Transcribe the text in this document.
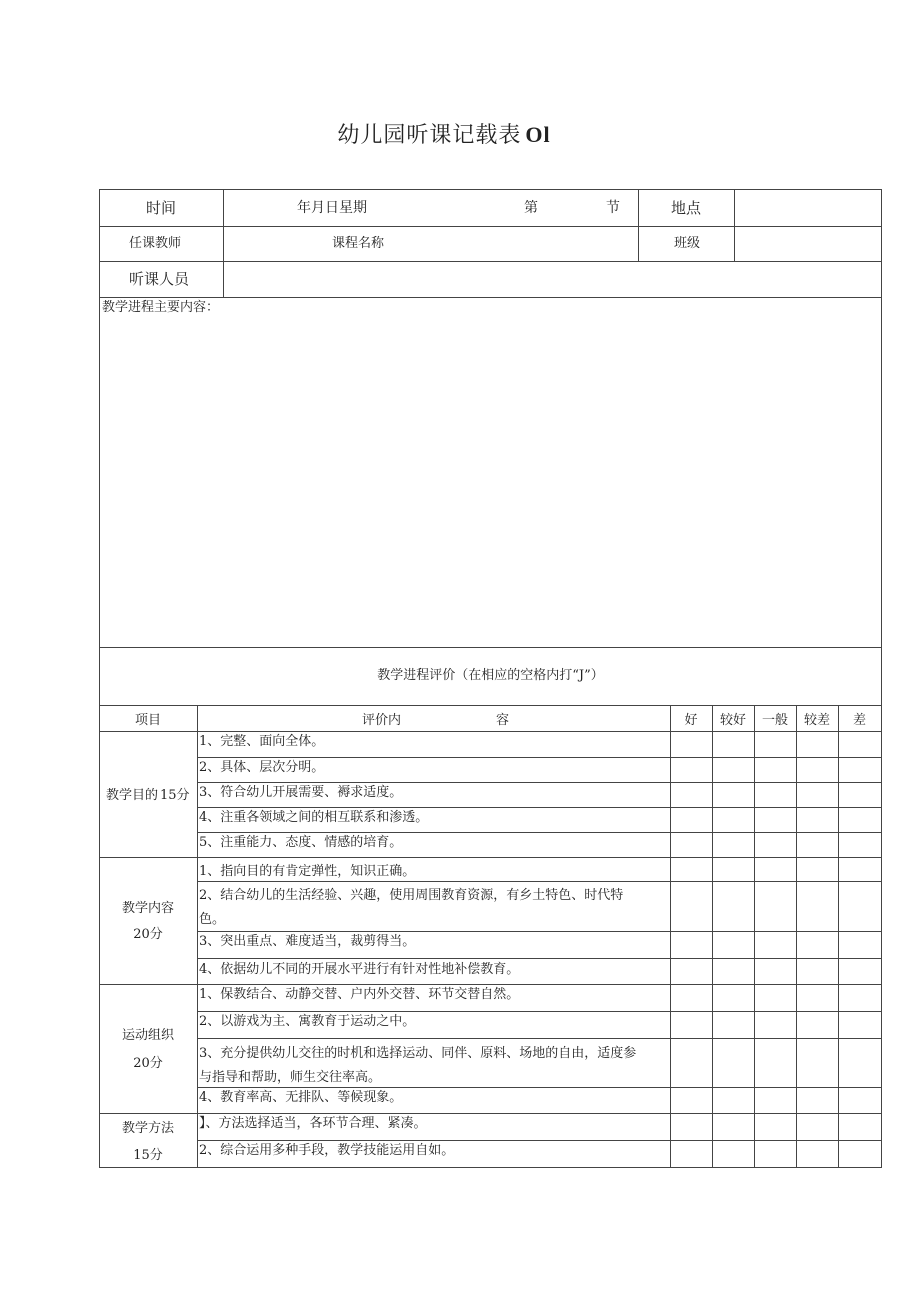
幼儿园听课记载表 Ol
时间	年月日星期	第	节	地点
任课教师	课程名称	班级
听课人员
教学进程主要内容：
教学进程评价（在相应的空格内打“J”）
项目	评价内	容	好	较好	一般	较差	差
教学目的 15分
1、完整、面向全体。
2、具体、层次分明。
3、符合幼儿开展需要、褥求适度。
4、注重各领域之间的相互联系和渗透。
5、注重能力、态度、情感的培育。
教学内容
20分
1、指向目的有肯定弹性，知识正确。
2、结合幼儿的生活经验、兴趣，使用周围教育资源，有乡土特色、时代特
色。
3、突出重点、难度适当，裁剪得当。
4、依据幼儿不同的开展水平进行有针对性地补偿教育。
运动组织
20分
1、保教结合、动静交替、户内外交替、环节交替自然。
2、以游戏为主、寓教育于运动之中。
3、充分提供幼儿交往的时机和选择运动、同伴、原料、场地的自由，适度参
与指导和帮助，师生交往率高。
4、教育率高、无排队、等候现象。
教学方法
15分
】、方法选择适当，各环节合理、紧凑。
2、综合运用多种手段，教学技能运用自如。
